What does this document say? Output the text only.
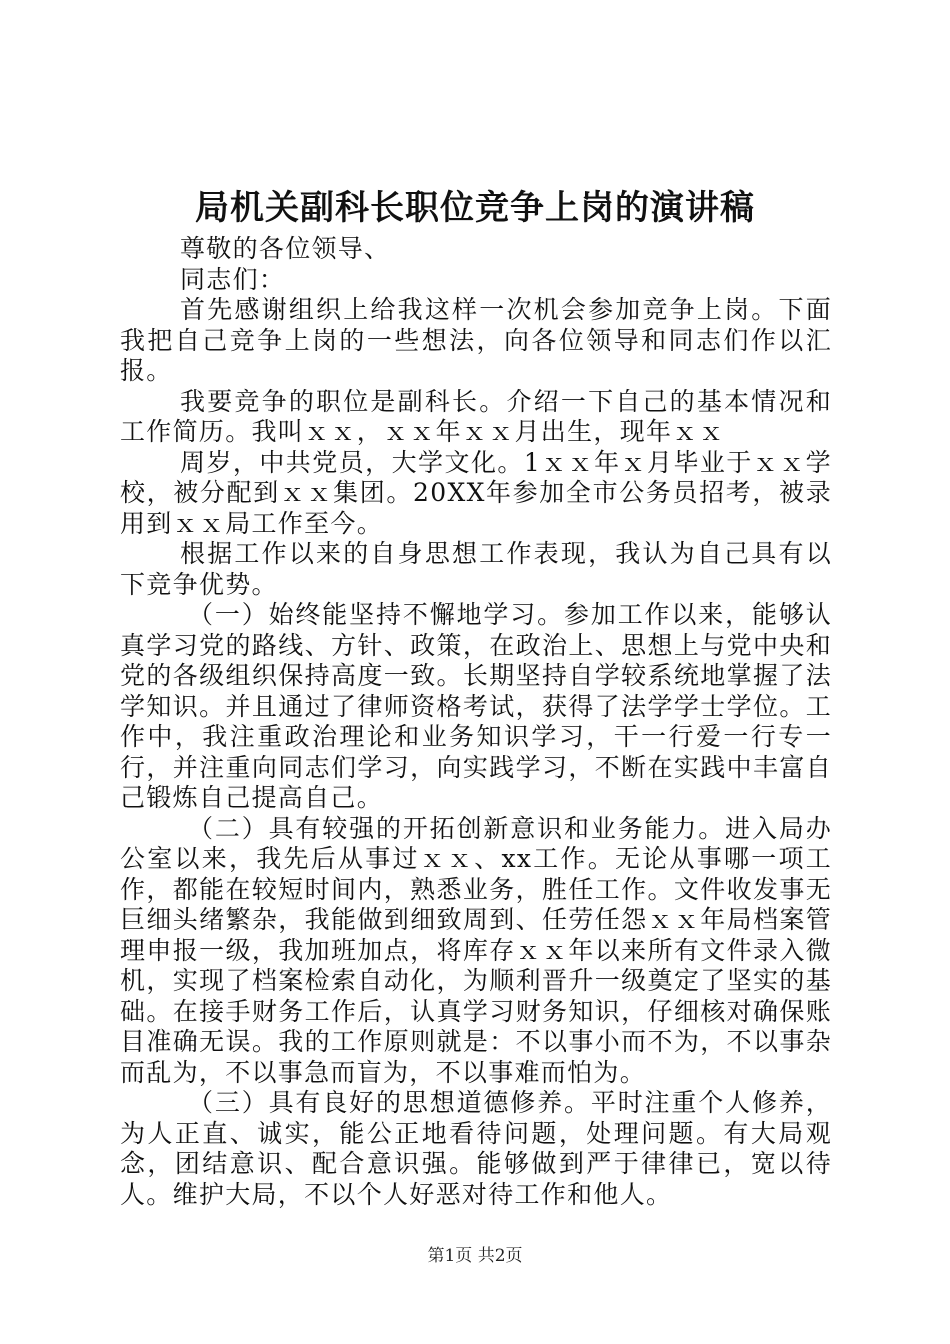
局机关副科长职位竞争上岗的演讲稿

尊敬的各位领导、

同志们：

首先感谢组织上给我这样一次机会参加竞争上岗。下面我把自己竞争上岗的一些想法，向各位领导和同志们作以汇报。

我要竞争的职位是副科长。介绍一下自己的基本情况和工作简历。我叫ｘｘ，ｘｘ年ｘｘ月出生，现年ｘｘ

周岁，中共党员，大学文化。1ｘｘ年ｘ月毕业于ｘｘ学校，被分配到ｘｘ集团。20XX年参加全市公务员招考，被录用到ｘｘ局工作至今。

根据工作以来的自身思想工作表现，我认为自己具有以下竞争优势。

（一）始终能坚持不懈地学习。参加工作以来，能够认真学习党的路线、方针、政策，在政治上、思想上与党中央和党的各级组织保持高度一致。长期坚持自学较系统地掌握了法学知识。并且通过了律师资格考试，获得了法学学士学位。工作中，我注重政治理论和业务知识学习，干一行爱一行专一行，并注重向同志们学习，向实践学习，不断在实践中丰富自己锻炼自己提高自己。

（二）具有较强的开拓创新意识和业务能力。进入局办公室以来，我先后从事过ｘｘ、xx工作。无论从事哪一项工作，都能在较短时间内，熟悉业务，胜任工作。文件收发事无巨细头绪繁杂，我能做到细致周到、任劳任怨ｘｘ年局档案管理申报一级，我加班加点，将库存ｘｘ年以来所有文件录入微机，实现了档案检索自动化，为顺利晋升一级奠定了坚实的基础。在接手财务工作后，认真学习财务知识，仔细核对确保账目准确无误。我的工作原则就是：不以事小而不为，不以事杂而乱为，不以事急而盲为，不以事难而怕为。

（三）具有良好的思想道德修养。平时注重个人修养，为人正直、诚实，能公正地看待问题，处理问题。有大局观念，团结意识、配合意识强。能够做到严于律律已，宽以待人。维护大局，不以个人好恶对待工作和他人。

第1页 共2页
